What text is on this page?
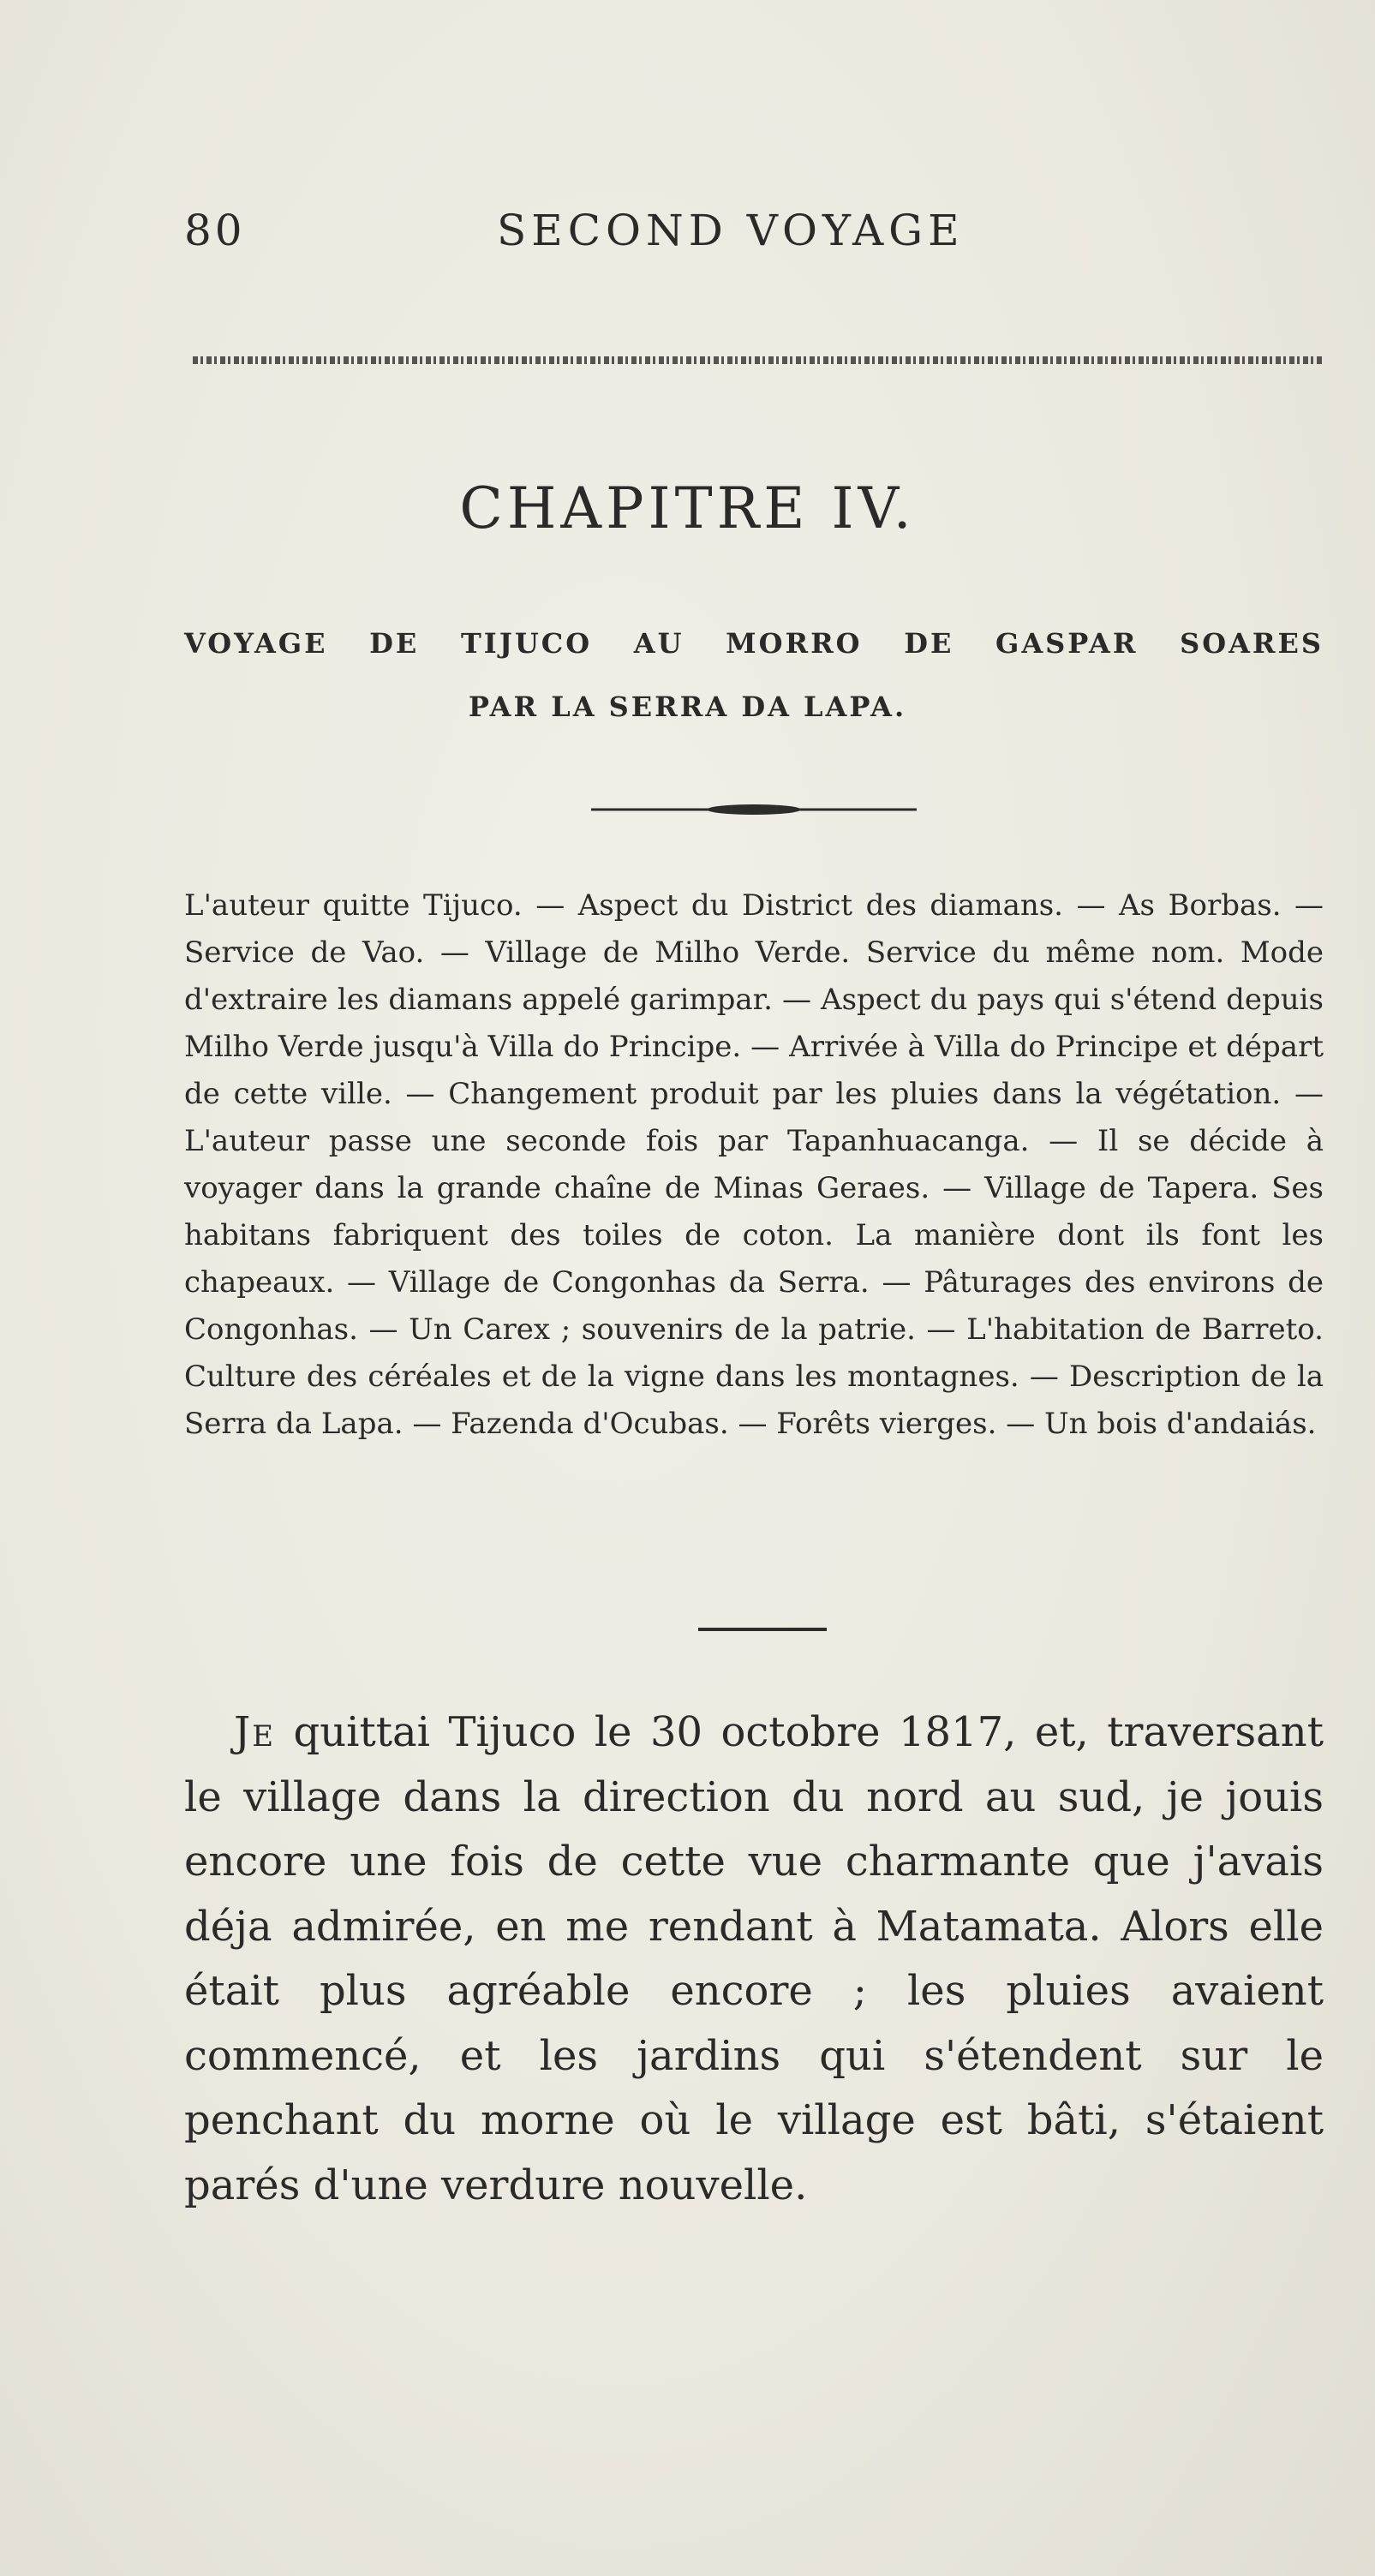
80	SECOND VOYAGE
CHAPITRE IV.
VOYAGE DE TIJUCO AU MORRO DE GASPAR SOARES
PAR LA SERRA DA LAPA.

L'auteur quitte Tijuco. — Aspect du District des diamans. — As Borbas. — Service de Vao. — Village de Milho Verde. Service du même nom. Mode d'extraire les diamans appelé garimpar. — Aspect du pays qui s'étend depuis Milho Verde jusqu'à Villa do Principe. — Arrivée à Villa do Principe et départ de cette ville. — Changement produit par les pluies dans la végétation. — L'auteur passe une seconde fois par Tapanhuacanga. — Il se décide à voyager dans la grande chaîne de Minas Geraes. — Village de Tapera. Ses habitans fabriquent des toiles de coton. La manière dont ils font les chapeaux. — Village de Congonhas da Serra. — Pâturages des environs de Congonhas. — Un Carex ; souvenirs de la patrie. — L'habitation de Barreto. Culture des céréales et de la vigne dans les montagnes. — Description de la Serra da Lapa. — Fazenda d'Ocubas. — Forêts vierges. — Un bois d'andaiás.

Je quittai Tijuco le 30 octobre 1817, et, traversant le village dans la direction du nord au sud, je jouis encore une fois de cette vue charmante que j'avais déja admirée, en me rendant à Matamata. Alors elle était plus agréable encore ; les pluies avaient commencé, et les jardins qui s'étendent sur le penchant du morne où le village est bâti, s'étaient parés d'une verdure nouvelle.
